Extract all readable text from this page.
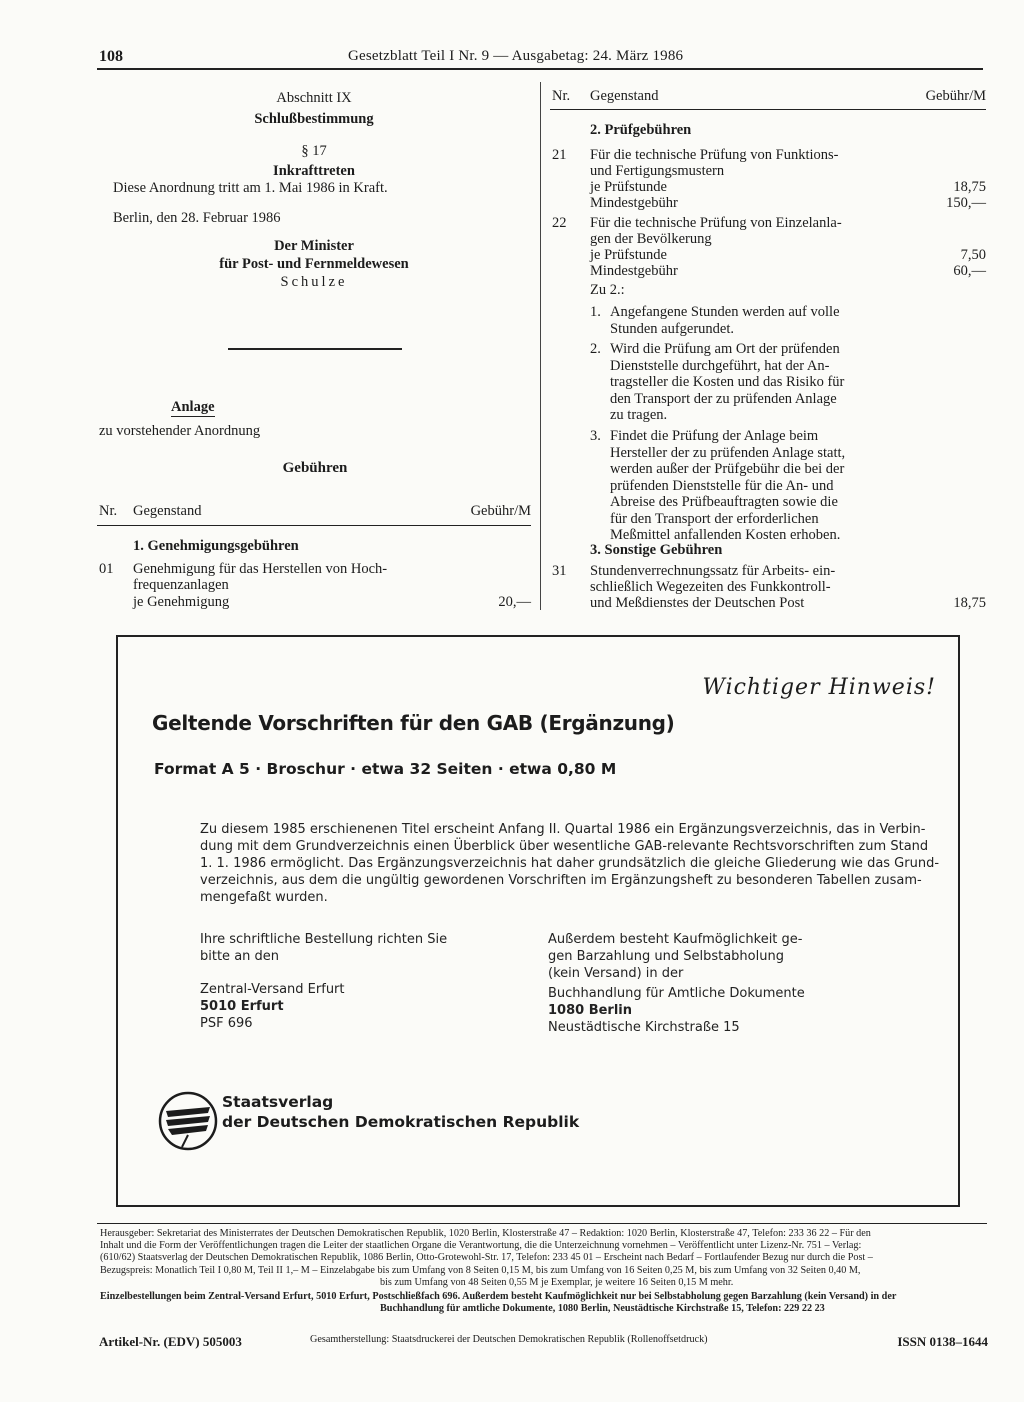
108	Gesetzblatt Teil I Nr. 9 — Ausgabetag: 24. März 1986
Abschnitt IX
Schlußbestimmung
§ 17
Inkrafttreten
Diese Anordnung tritt am 1. Mai 1986 in Kraft.
Berlin, den 28. Februar 1986
Der Minister
für Post- und Fernmeldewesen
Schulze
Anlage
zu vorstehender Anordnung
Gebühren
Nr. Gegenstand	Gebühr/M
1. Genehmigungsgebühren
01 Genehmigung für das Herstellen von Hoch-
frequenzanlagen
je Genehmigung	20,—
Nr. Gegenstand	Gebühr/M
2. Prüfgebühren
21 Für die technische Prüfung von Funktions-
und Fertigungsmustern
je Prüfstunde	18,75
Mindestgebühr	150,—
22 Für die technische Prüfung von Einzelanla-
gen der Bevölkerung
je Prüfstunde	7,50
Mindestgebühr	60,—
Zu 2.:
1. Angefangene Stunden werden auf volle
Stunden aufgerundet.
2. Wird die Prüfung am Ort der prüfenden
Dienststelle durchgeführt, hat der An-
tragsteller die Kosten und das Risiko für
den Transport der zu prüfenden Anlage
zu tragen.
3. Findet die Prüfung der Anlage beim
Hersteller der zu prüfenden Anlage statt,
werden außer der Prüfgebühr die bei der
prüfenden Dienststelle für die An- und
Abreise des Prüfbeauftragten sowie die
für den Transport der erforderlichen
Meßmittel anfallenden Kosten erhoben.
3. Sonstige Gebühren
31 Stundenverrechnungssatz für Arbeits- ein-
schließlich Wegezeiten des Funkkontroll-
und Meßdienstes der Deutschen Post	18,75
Wichtiger Hinweis!
Geltende Vorschriften für den GAB (Ergänzung)
Format A 5 · Broschur · etwa 32 Seiten · etwa 0,80 M
Zu diesem 1985 erschienenen Titel erscheint Anfang II. Quartal 1986 ein Ergänzungsverzeichnis, das in Verbin-
dung mit dem Grundverzeichnis einen Überblick über wesentliche GAB-relevante Rechtsvorschriften zum Stand
1. 1. 1986 ermöglicht. Das Ergänzungsverzeichnis hat daher grundsätzlich die gleiche Gliederung wie das Grund-
verzeichnis, aus dem die ungültig gewordenen Vorschriften im Ergänzungsheft zu besonderen Tabellen zusam-
mengefaßt wurden.
Ihre schriftliche Bestellung richten Sie
bitte an den
Zentral-Versand Erfurt
5010 Erfurt
PSF 696
Außerdem besteht Kaufmöglichkeit ge-
gen Barzahlung und Selbstabholung
(kein Versand) in der
Buchhandlung für Amtliche Dokumente
1080 Berlin
Neustädtische Kirchstraße 15
Staatsverlag
der Deutschen Demokratischen Republik
Herausgeber: Sekretariat des Ministerrates der Deutschen Demokratischen Republik, 1020 Berlin, Klosterstraße 47 – Redaktion: 1020 Berlin, Klosterstraße 47, Telefon: 233 36 22 – Für den
Inhalt und die Form der Veröffentlichungen tragen die Leiter der staatlichen Organe die Verantwortung, die die Unterzeichnung vornehmen – Veröffentlicht unter Lizenz-Nr. 751 – Verlag:
(610/62) Staatsverlag der Deutschen Demokratischen Republik, 1086 Berlin, Otto-Grotewohl-Str. 17, Telefon: 233 45 01 – Erscheint nach Bedarf – Fortlaufender Bezug nur durch die Post –
Bezugspreis: Monatlich Teil I 0,80 M, Teil II 1,– M – Einzelabgabe bis zum Umfang von 8 Seiten 0,15 M, bis zum Umfang von 16 Seiten 0,25 M, bis zum Umfang von 32 Seiten 0,40 M,
bis zum Umfang von 48 Seiten 0,55 M je Exemplar, je weitere 16 Seiten 0,15 M mehr.
Einzelbestellungen beim Zentral-Versand Erfurt, 5010 Erfurt, Postschließfach 696. Außerdem besteht Kaufmöglichkeit nur bei Selbstabholung gegen Barzahlung (kein Versand) in der
Buchhandlung für amtliche Dokumente, 1080 Berlin, Neustädtische Kirchstraße 15, Telefon: 229 22 23
Artikel-Nr. (EDV) 505003	Gesamtherstellung: Staatsdruckerei der Deutschen Demokratischen Republik (Rollenoffsetdruck)	ISSN 0138–1644
